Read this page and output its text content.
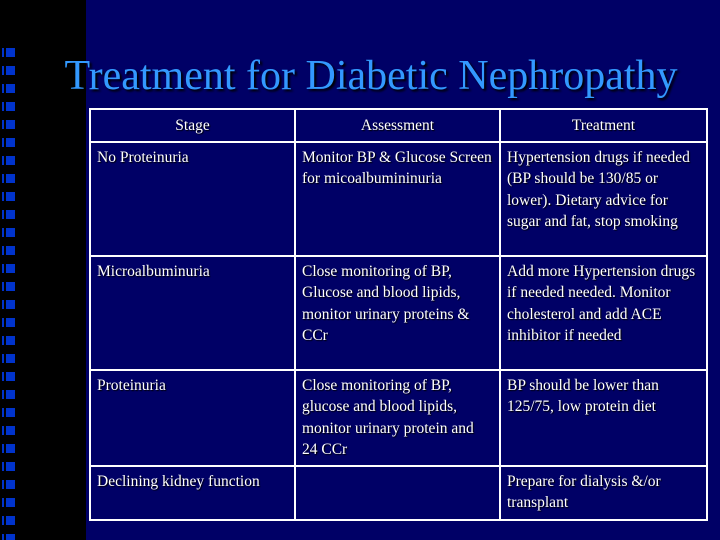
Treatment for Diabetic Nephropathy
Stage	Assessment	Treatment
No Proteinuria	Monitor BP & Glucose Screen for micoalbumininuria	Hypertension drugs if needed (BP should be 130/85 or lower). Dietary advice for sugar and fat, stop smoking
Microalbuminuria	Close monitoring of BP, Glucose and blood lipids, monitor urinary proteins & CCr	Add more Hypertension drugs if needed needed. Monitor cholesterol and add ACE inhibitor if needed
Proteinuria	Close monitoring of BP, glucose and blood lipids, monitor urinary protein and 24 CCr	BP should be lower than 125/75, low protein diet
Declining kidney function		Prepare for dialysis &/or transplant
